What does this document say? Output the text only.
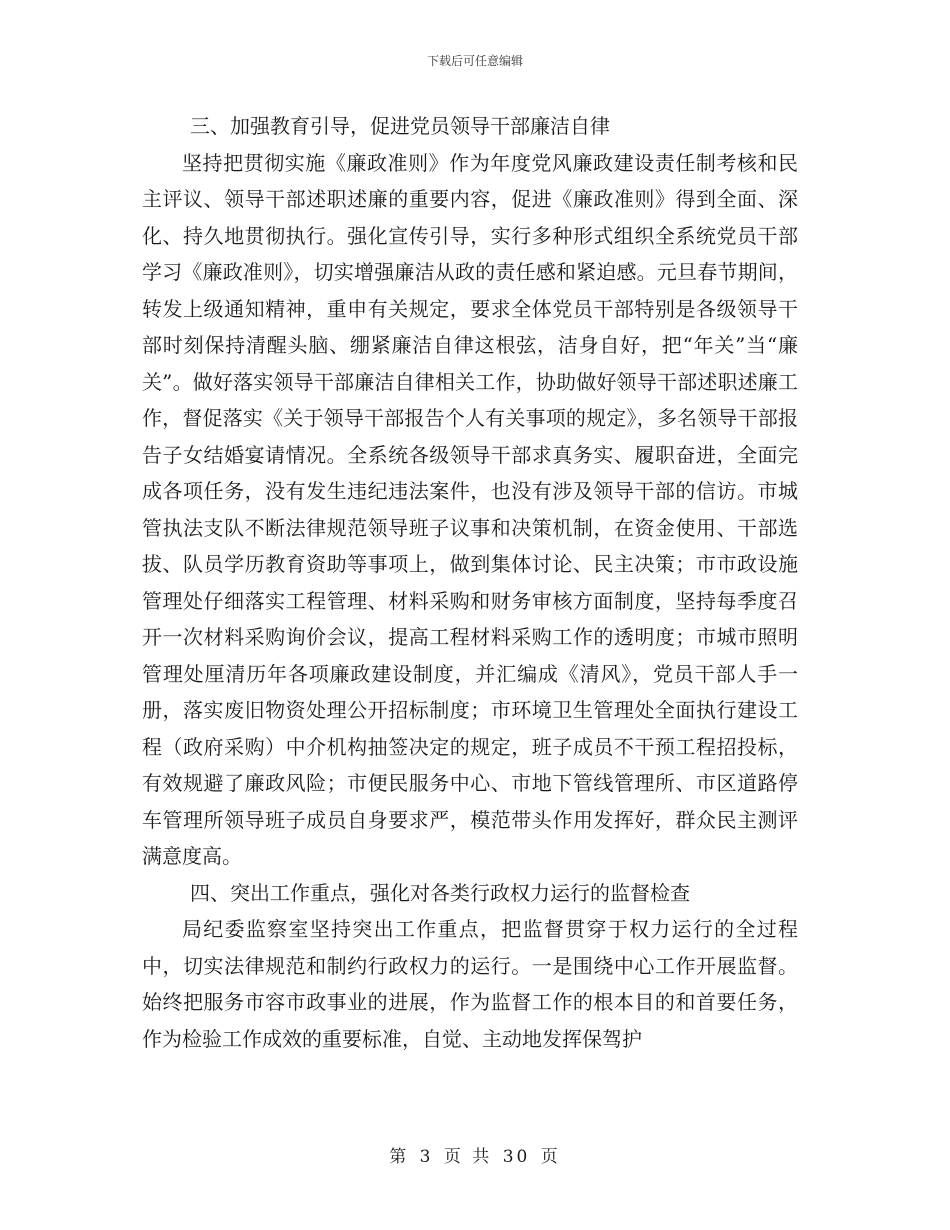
下载后可任意编辑

三、加强教育引导，促进党员领导干部廉洁自律

坚持把贯彻实施《廉政准则》作为年度党风廉政建设责任制考核和民主评议、领导干部述职述廉的重要内容，促进《廉政准则》得到全面、深化、持久地贯彻执行。强化宣传引导，实行多种形式组织全系统党员干部学习《廉政准则》，切实增强廉洁从政的责任感和紧迫感。元旦春节期间，转发上级通知精神，重申有关规定，要求全体党员干部特别是各级领导干部时刻保持清醒头脑、绷紧廉洁自律这根弦，洁身自好，把“年关”当“廉关”。做好落实领导干部廉洁自律相关工作，协助做好领导干部述职述廉工作，督促落实《关于领导干部报告个人有关事项的规定》，多名领导干部报告子女结婚宴请情况。全系统各级领导干部求真务实、履职奋进，全面完成各项任务，没有发生违纪违法案件，也没有涉及领导干部的信访。市城管执法支队不断法律规范领导班子议事和决策机制，在资金使用、干部选拔、队员学历教育资助等事项上，做到集体讨论、民主决策；市市政设施管理处仔细落实工程管理、材料采购和财务审核方面制度，坚持每季度召开一次材料采购询价会议，提高工程材料采购工作的透明度；市城市照明管理处厘清历年各项廉政建设制度，并汇编成《清风》，党员干部人手一册，落实废旧物资处理公开招标制度；市环境卫生管理处全面执行建设工程（政府采购）中介机构抽签决定的规定，班子成员不干预工程招投标，有效规避了廉政风险；市便民服务中心、市地下管线管理所、市区道路停车管理所领导班子成员自身要求严，模范带头作用发挥好，群众民主测评满意度高。

四、突出工作重点，强化对各类行政权力运行的监督检查

局纪委监察室坚持突出工作重点，把监督贯穿于权力运行的全过程中，切实法律规范和制约行政权力的运行。一是围绕中心工作开展监督。始终把服务市容市政事业的进展，作为监督工作的根本目的和首要任务，作为检验工作成效的重要标准，自觉、主动地发挥保驾护

第 3 页 共 30 页
